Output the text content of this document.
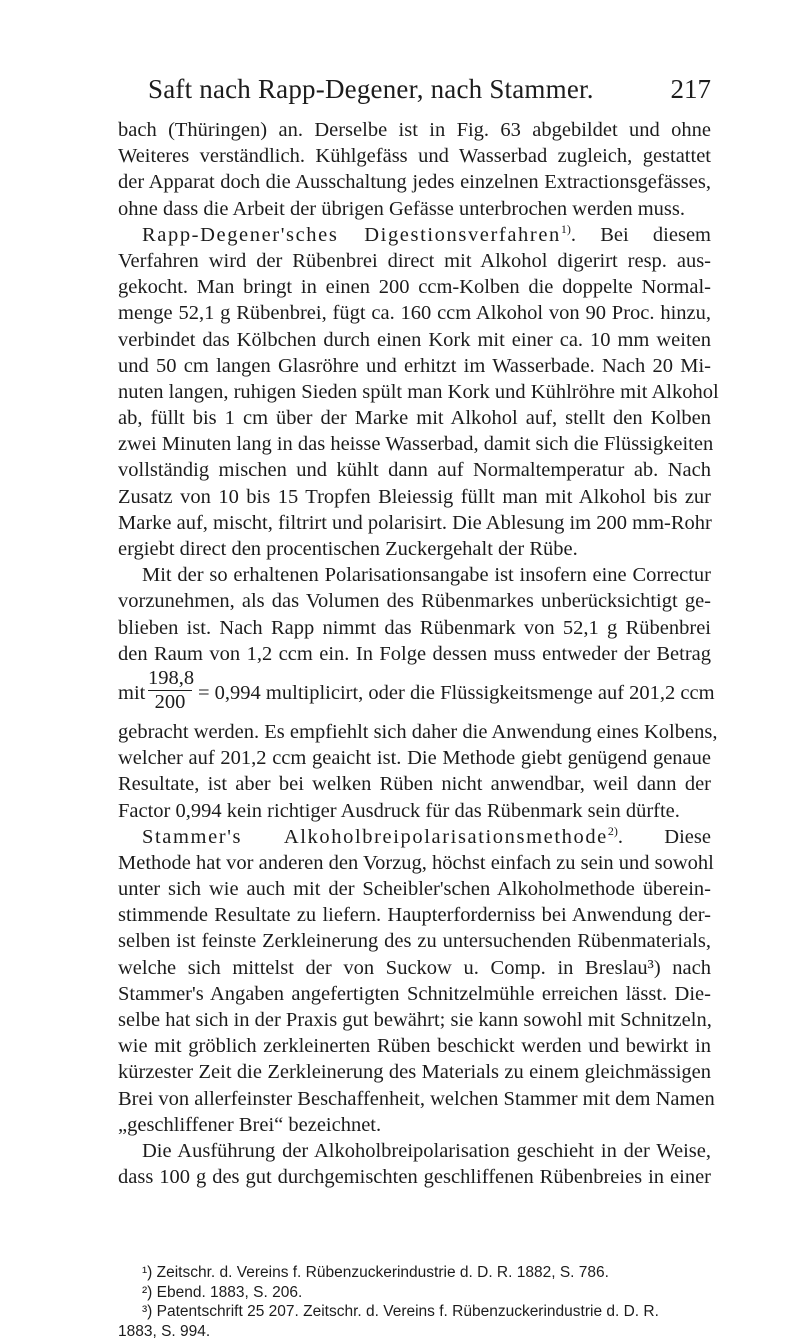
Saft nach Rapp-Degener, nach Stammer.	217
bach (Thüringen) an. Derselbe ist in Fig. 63 abgebildet und ohne
Weiteres verständlich. Kühlgefäss und Wasserbad zugleich, gestattet
der Apparat doch die Ausschaltung jedes einzelnen Extractionsgefässes,
ohne dass die Arbeit der übrigen Gefässe unterbrochen werden muss.
Rapp-Degener'sches Digestionsverfahren$^{1)}$. Bei diesem
Verfahren wird der Rübenbrei direct mit Alkohol digerirt resp. aus-
gekocht. Man bringt in einen 200 ccm-Kolben die doppelte Normal-
menge 52,1 g Rübenbrei, fügt ca. 160 ccm Alkohol von 90 Proc. hinzu,
verbindet das Kölbchen durch einen Kork mit einer ca. 10 mm weiten
und 50 cm langen Glasröhre und erhitzt im Wasserbade. Nach 20 Mi-
nuten langen, ruhigen Sieden spült man Kork und Kühlröhre mit Alkohol
ab, füllt bis 1 cm über der Marke mit Alkohol auf, stellt den Kolben
zwei Minuten lang in das heisse Wasserbad, damit sich die Flüssigkeiten
vollständig mischen und kühlt dann auf Normaltemperatur ab. Nach
Zusatz von 10 bis 15 Tropfen Bleiessig füllt man mit Alkohol bis zur
Marke auf, mischt, filtrirt und polarisirt. Die Ablesung im 200 mm-Rohr
ergiebt direct den procentischen Zuckergehalt der Rübe.
Mit der so erhaltenen Polarisationsangabe ist insofern eine Correctur
vorzunehmen, als das Volumen des Rübenmarkes unberücksichtigt ge-
blieben ist. Nach Rapp nimmt das Rübenmark von 52,1 g Rübenbrei
den Raum von 1,2 ccm ein. In Folge dessen muss entweder der Betrag
mit $\frac{198,8}{200} = 0,994$ multiplicirt, oder die Flüssigkeitsmenge auf 201,2 ccm
gebracht werden. Es empfiehlt sich daher die Anwendung eines Kolbens,
welcher auf 201,2 ccm geaicht ist. Die Methode giebt genügend genaue
Resultate, ist aber bei welken Rüben nicht anwendbar, weil dann der
Factor 0,994 kein richtiger Ausdruck für das Rübenmark sein dürfte.
Stammer's Alkoholbreipolarisationsmethode$^{2)}$. Diese
Methode hat vor anderen den Vorzug, höchst einfach zu sein und sowohl
unter sich wie auch mit der Scheibler'schen Alkoholmethode überein-
stimmende Resultate zu liefern. Haupterforderniss bei Anwendung der-
selben ist feinste Zerkleinerung des zu untersuchenden Rübenmaterials,
welche sich mittelst der von Suckow u. Comp. in Breslau³) nach
Stammer's Angaben angefertigten Schnitzelmühle erreichen lässt. Die-
selbe hat sich in der Praxis gut bewährt; sie kann sowohl mit Schnitzeln,
wie mit gröblich zerkleinerten Rüben beschickt werden und bewirkt in
kürzester Zeit die Zerkleinerung des Materials zu einem gleichmässigen
Brei von allerfeinster Beschaffenheit, welchen Stammer mit dem Namen
„geschliffener Brei“ bezeichnet.
Die Ausführung der Alkoholbreipolarisation geschieht in der Weise,
dass 100 g des gut durchgemischten geschliffenen Rübenbreies in einer
¹) Zeitschr. d. Vereins f. Rübenzuckerindustrie d. D. R. 1882, S. 786.
²) Ebend. 1883, S. 206.
³) Patentschrift 25 207. Zeitschr. d. Vereins f. Rübenzuckerindustrie d. D. R.
1883, S. 994.
